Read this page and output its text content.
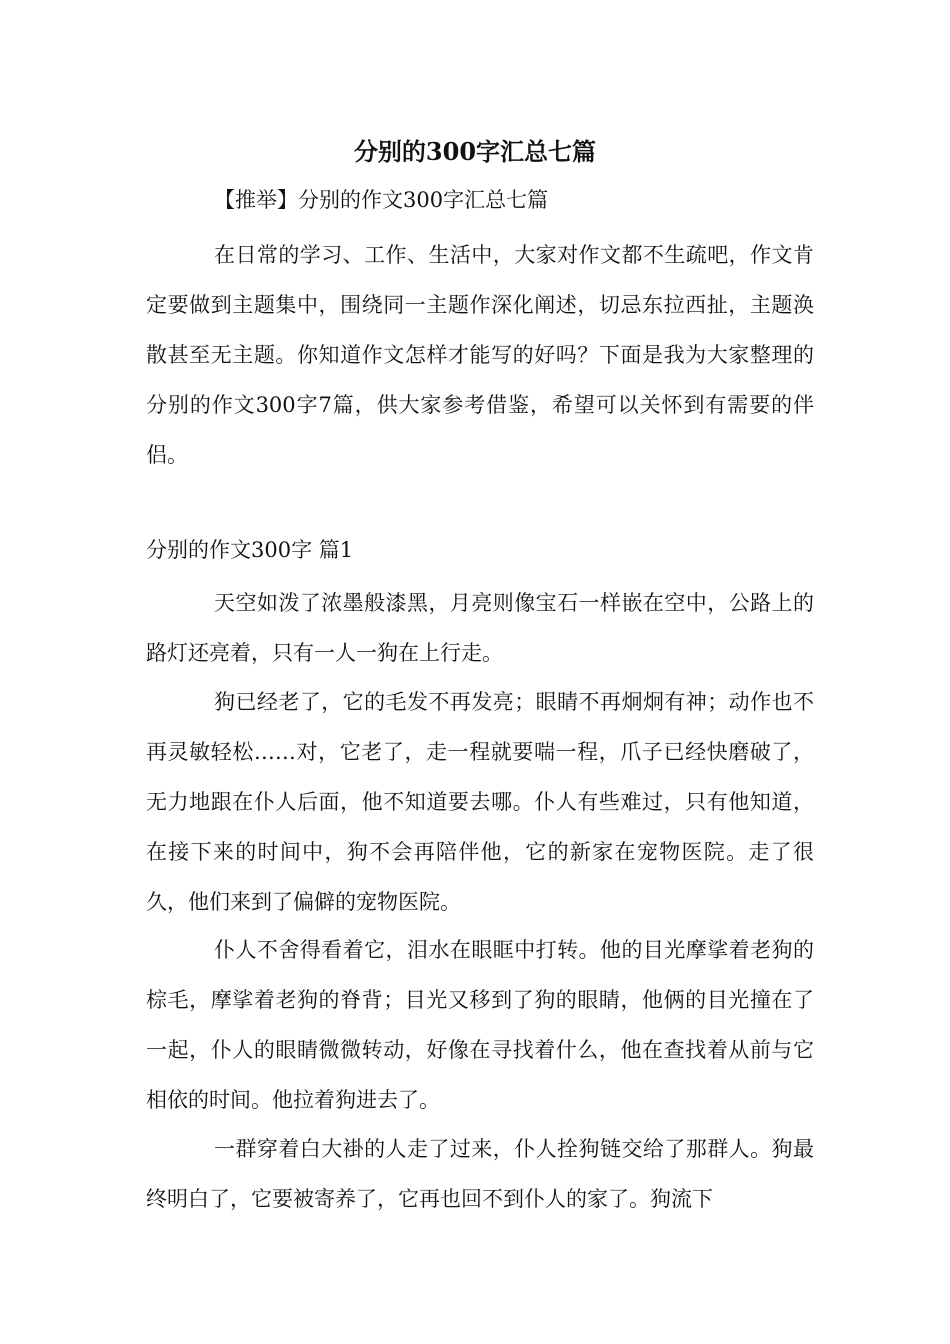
分别的300字汇总七篇

【推举】分别的作文300字汇总七篇

在日常的学习、工作、生活中，大家对作文都不生疏吧，作文肯定要做到主题集中，围绕同一主题作深化阐述，切忌东拉西扯，主题涣散甚至无主题。你知道作文怎样才能写的好吗？下面是我为大家整理的分别的作文300字7篇，供大家参考借鉴，希望可以关怀到有需要的伴侣。

分别的作文300字 篇1

天空如泼了浓墨般漆黑，月亮则像宝石一样嵌在空中，公路上的路灯还亮着，只有一人一狗在上行走。

狗已经老了，它的毛发不再发亮；眼睛不再炯炯有神；动作也不再灵敏轻松……对，它老了，走一程就要喘一程，爪子已经快磨破了，无力地跟在仆人后面，他不知道要去哪。仆人有些难过，只有他知道，在接下来的时间中，狗不会再陪伴他，它的新家在宠物医院。走了很久，他们来到了偏僻的宠物医院。

仆人不舍得看着它，泪水在眼眶中打转。他的目光摩挲着老狗的棕毛，摩挲着老狗的脊背；目光又移到了狗的眼睛，他俩的目光撞在了一起，仆人的眼睛微微转动，好像在寻找着什么，他在查找着从前与它相依的时间。他拉着狗进去了。

一群穿着白大褂的人走了过来，仆人拴狗链交给了那群人。狗最终明白了，它要被寄养了，它再也回不到仆人的家了。狗流下
